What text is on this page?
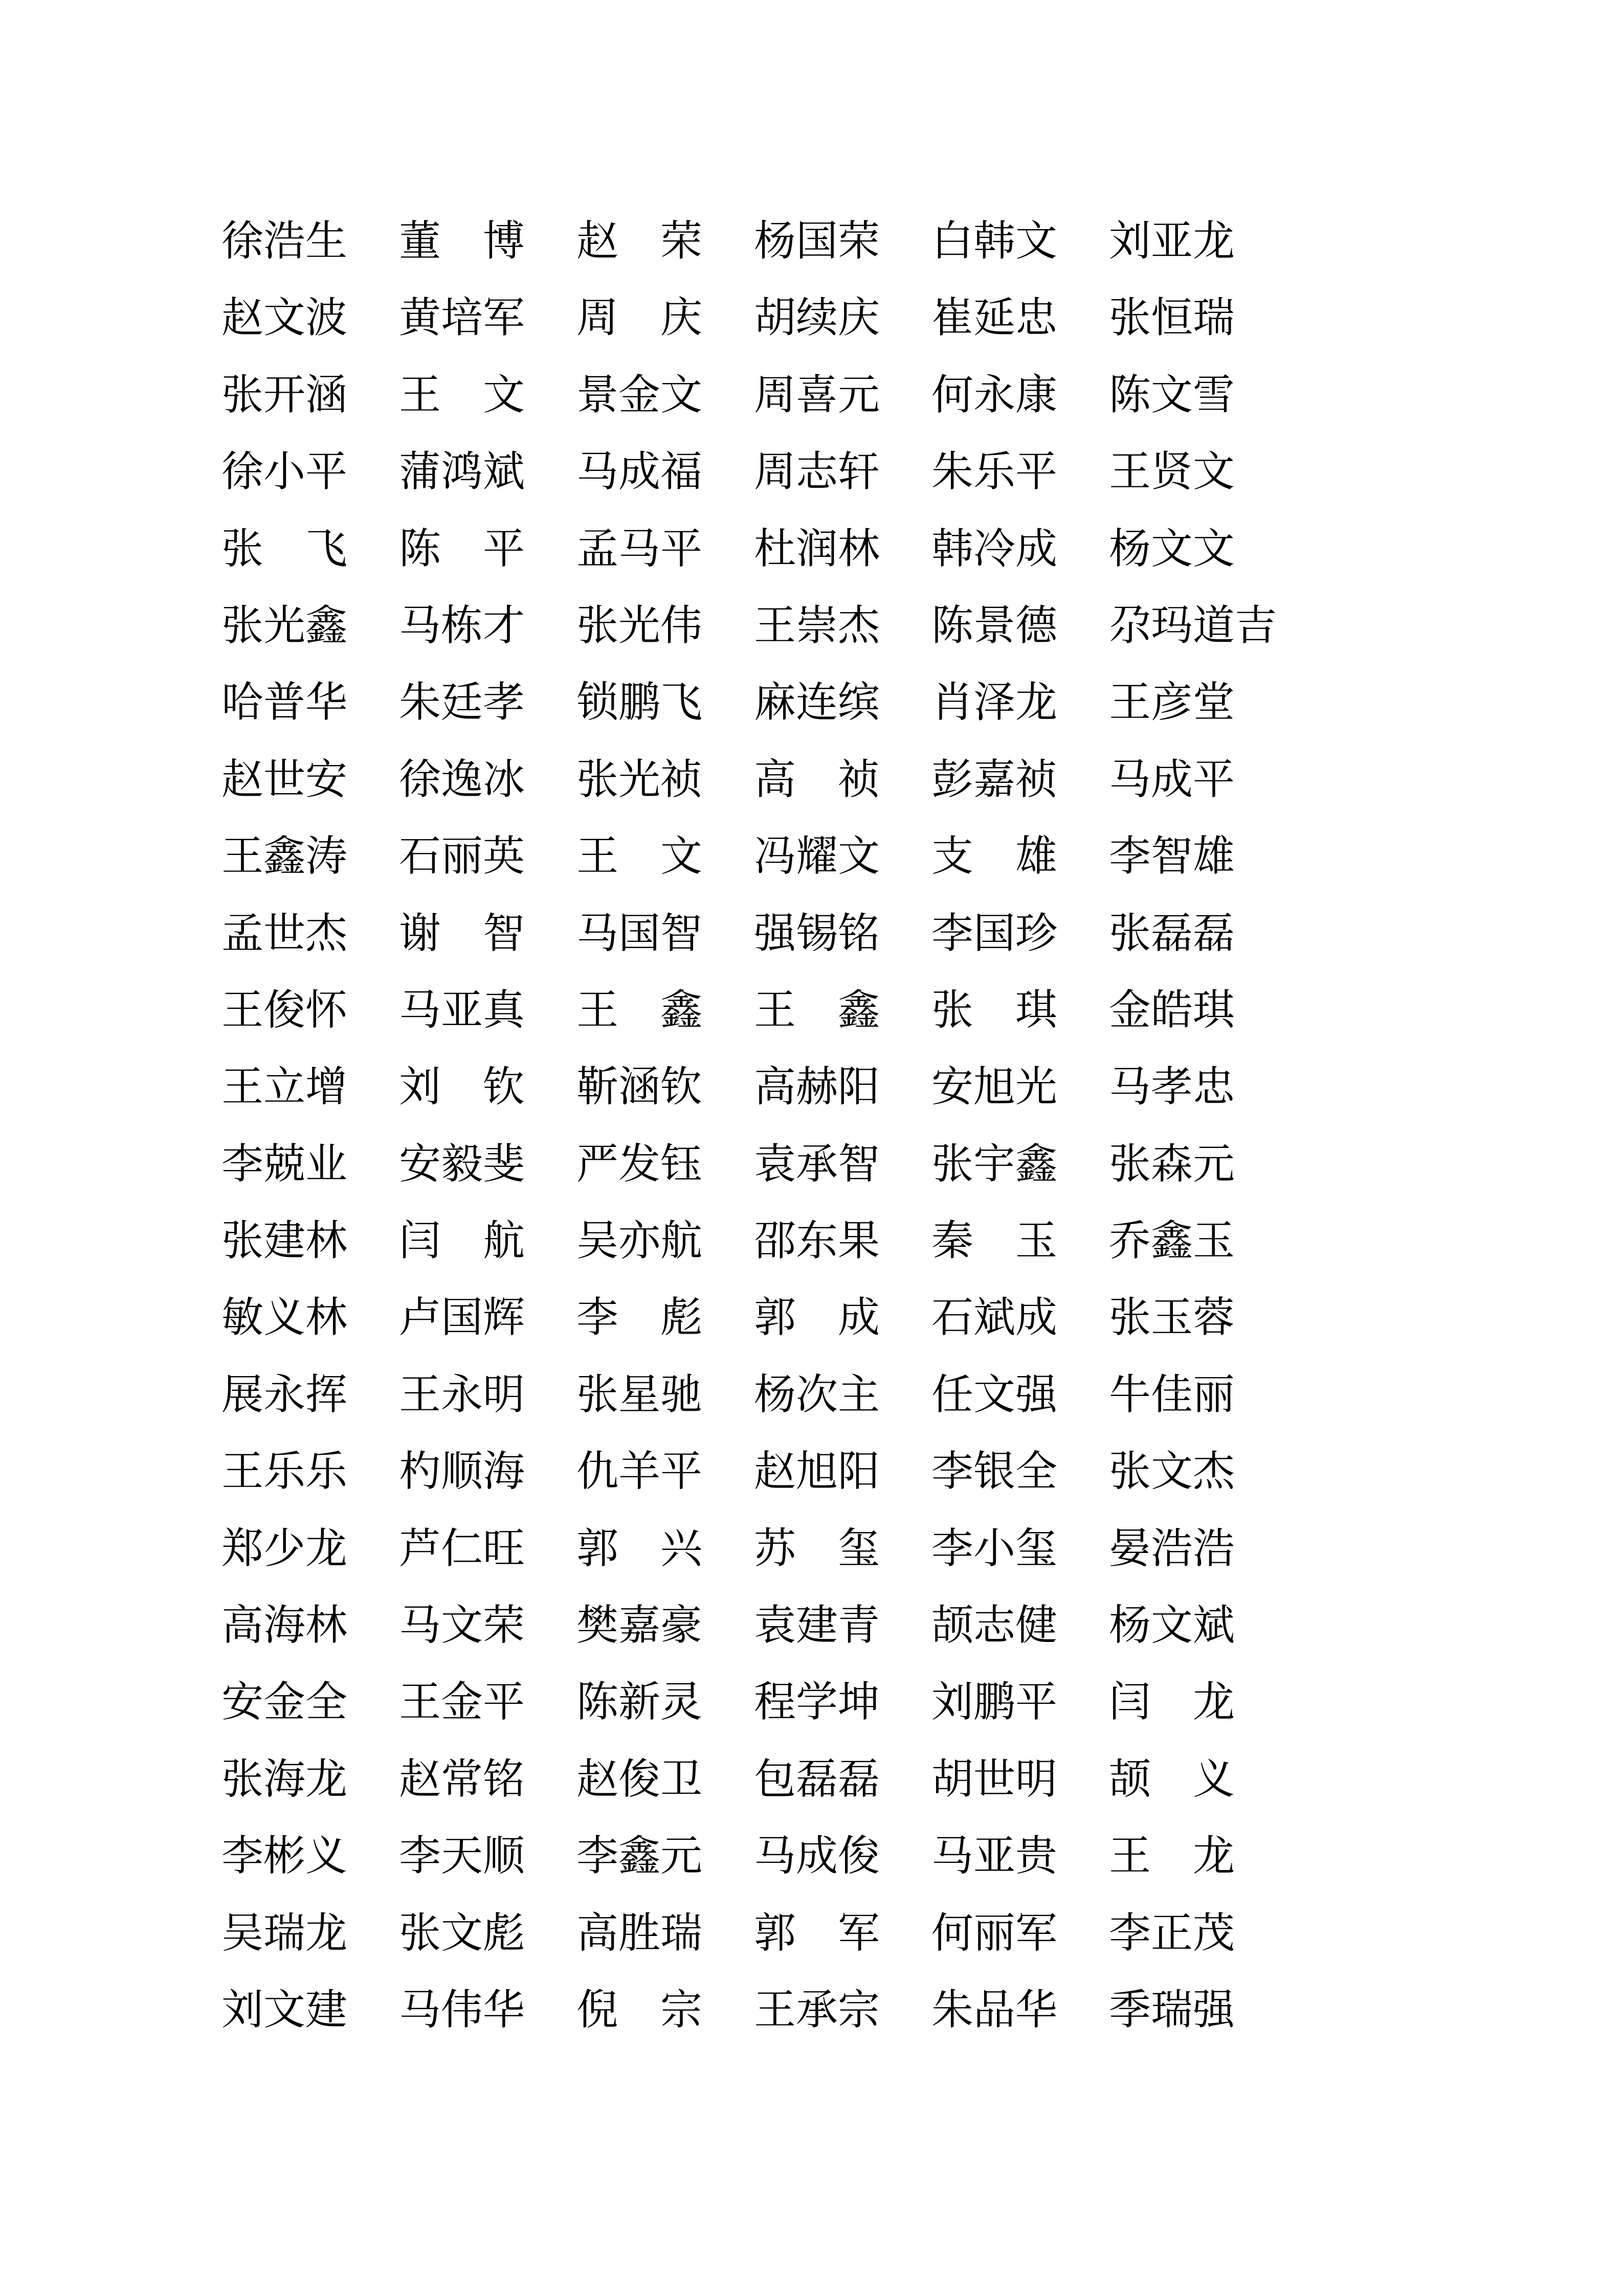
徐浩生	董　博	赵　荣	杨国荣	白韩文	刘亚龙
赵文波	黄培军	周　庆	胡续庆	崔延忠	张恒瑞
张开涵	王　文	景金文	周喜元	何永康	陈文雪
徐小平	蒲鸿斌	马成福	周志轩	朱乐平	王贤文
张　飞	陈　平	孟马平	杜润林	韩冷成	杨文文
张光鑫	马栋才	张光伟	王崇杰	陈景德	尕玛道吉
哈普华	朱廷孝	锁鹏飞	麻连缤	肖泽龙	王彦堂
赵世安	徐逸冰	张光祯	高　祯	彭嘉祯	马成平
王鑫涛	石丽英	王　文	冯耀文	支　雄	李智雄
孟世杰	谢　智	马国智	强锡铭	李国珍	张磊磊
王俊怀	马亚真	王　鑫	王　鑫	张　琪	金皓琪
王立增	刘　钦	靳涵钦	高赫阳	安旭光	马孝忠
李兢业	安毅斐	严发钰	袁承智	张宇鑫	张森元
张建林	闫　航	吴亦航	邵东果	秦　玉	乔鑫玉
敏义林	卢国辉	李　彪	郭　成	石斌成	张玉蓉
展永挥	王永明	张星驰	杨次主	任文强	牛佳丽
王乐乐	杓顺海	仇羊平	赵旭阳	李银全	张文杰
郑少龙	芦仁旺	郭　兴	苏　玺	李小玺	晏浩浩
高海林	马文荣	樊嘉豪	袁建青	颉志健	杨文斌
安金全	王金平	陈新灵	程学坤	刘鹏平	闫　龙
张海龙	赵常铭	赵俊卫	包磊磊	胡世明	颉　义
李彬义	李天顺	李鑫元	马成俊	马亚贵	王　龙
吴瑞龙	张文彪	高胜瑞	郭　军	何丽军	李正茂
刘文建	马伟华	倪　宗	王承宗	朱品华	季瑞强
